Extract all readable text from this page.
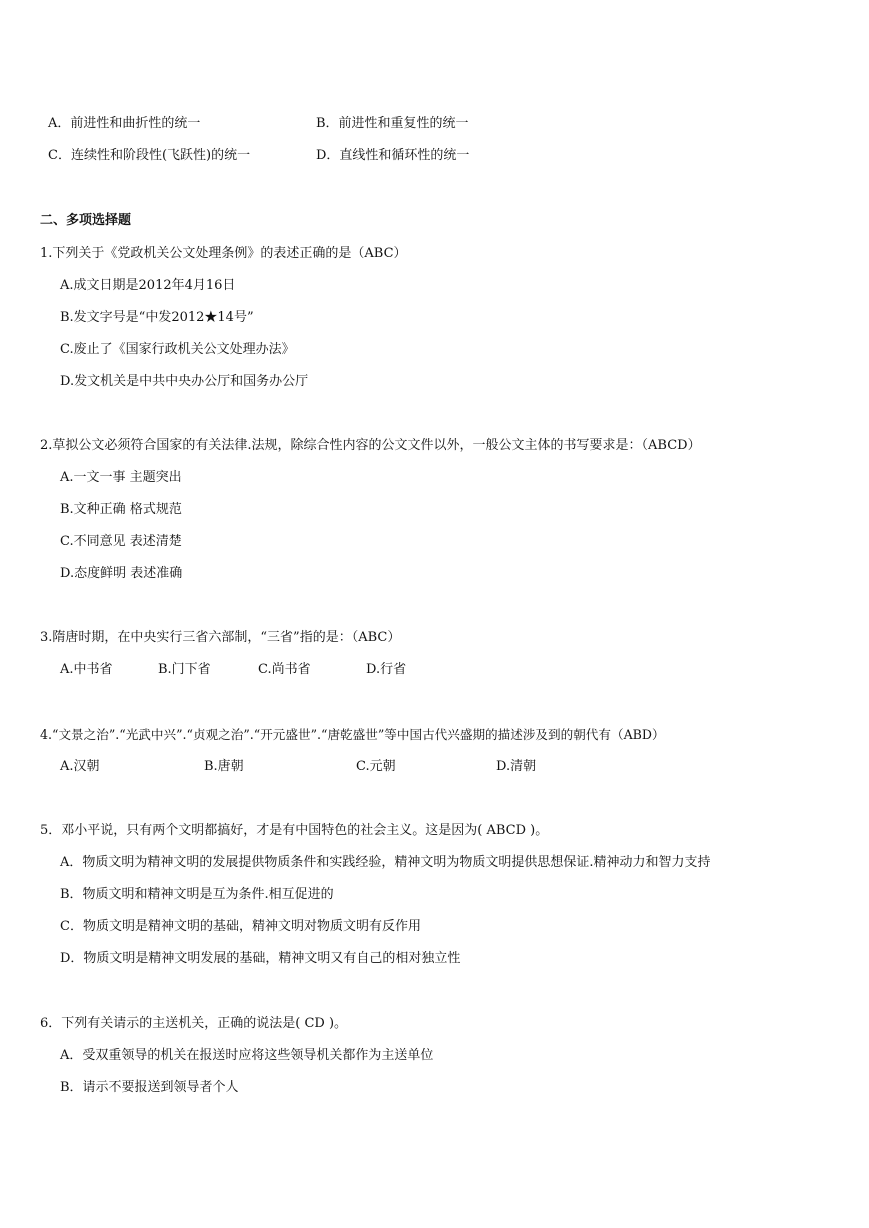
A．前进性和曲折性的统一	B．前进性和重复性的统一
C．连续性和阶段性(飞跃性)的统一	D．直线性和循环性的统一
二、多项选择题
1.下列关于《党政机关公文处理条例》的表述正确的是（ABC）
A.成文日期是2012年4月16日
B.发文字号是“中发2012★14号”
C.废止了《国家行政机关公文处理办法》
D.发文机关是中共中央办公厅和国务办公厅
2.草拟公文必须符合国家的有关法律.法规，除综合性内容的公文文件以外，一般公文主体的书写要求是：（ABCD）
A.一文一事 主题突出
B.文种正确 格式规范
C.不同意见 表述清楚
D.态度鲜明 表述准确
3.隋唐时期，在中央实行三省六部制，“三省”指的是：（ABC）
A.中书省	B.门下省	C.尚书省	D.行省
4.“文景之治”.“光武中兴”.“贞观之治”.“开元盛世”.“唐乾盛世”等中国古代兴盛期的描述涉及到的朝代有（ABD）
A.汉朝	B.唐朝	C.元朝	D.清朝
5．邓小平说，只有两个文明都搞好，才是有中国特色的社会主义。这是因为( ABCD )。
A．物质文明为精神文明的发展提供物质条件和实践经验，精神文明为物质文明提供思想保证.精神动力和智力支持
B．物质文明和精神文明是互为条件.相互促进的
C．物质文明是精神文明的基础，精神文明对物质文明有反作用
D．物质文明是精神文明发展的基础，精神文明又有自己的相对独立性
6．下列有关请示的主送机关，正确的说法是( CD )。
A．受双重领导的机关在报送时应将这些领导机关都作为主送单位
B．请示不要报送到领导者个人
